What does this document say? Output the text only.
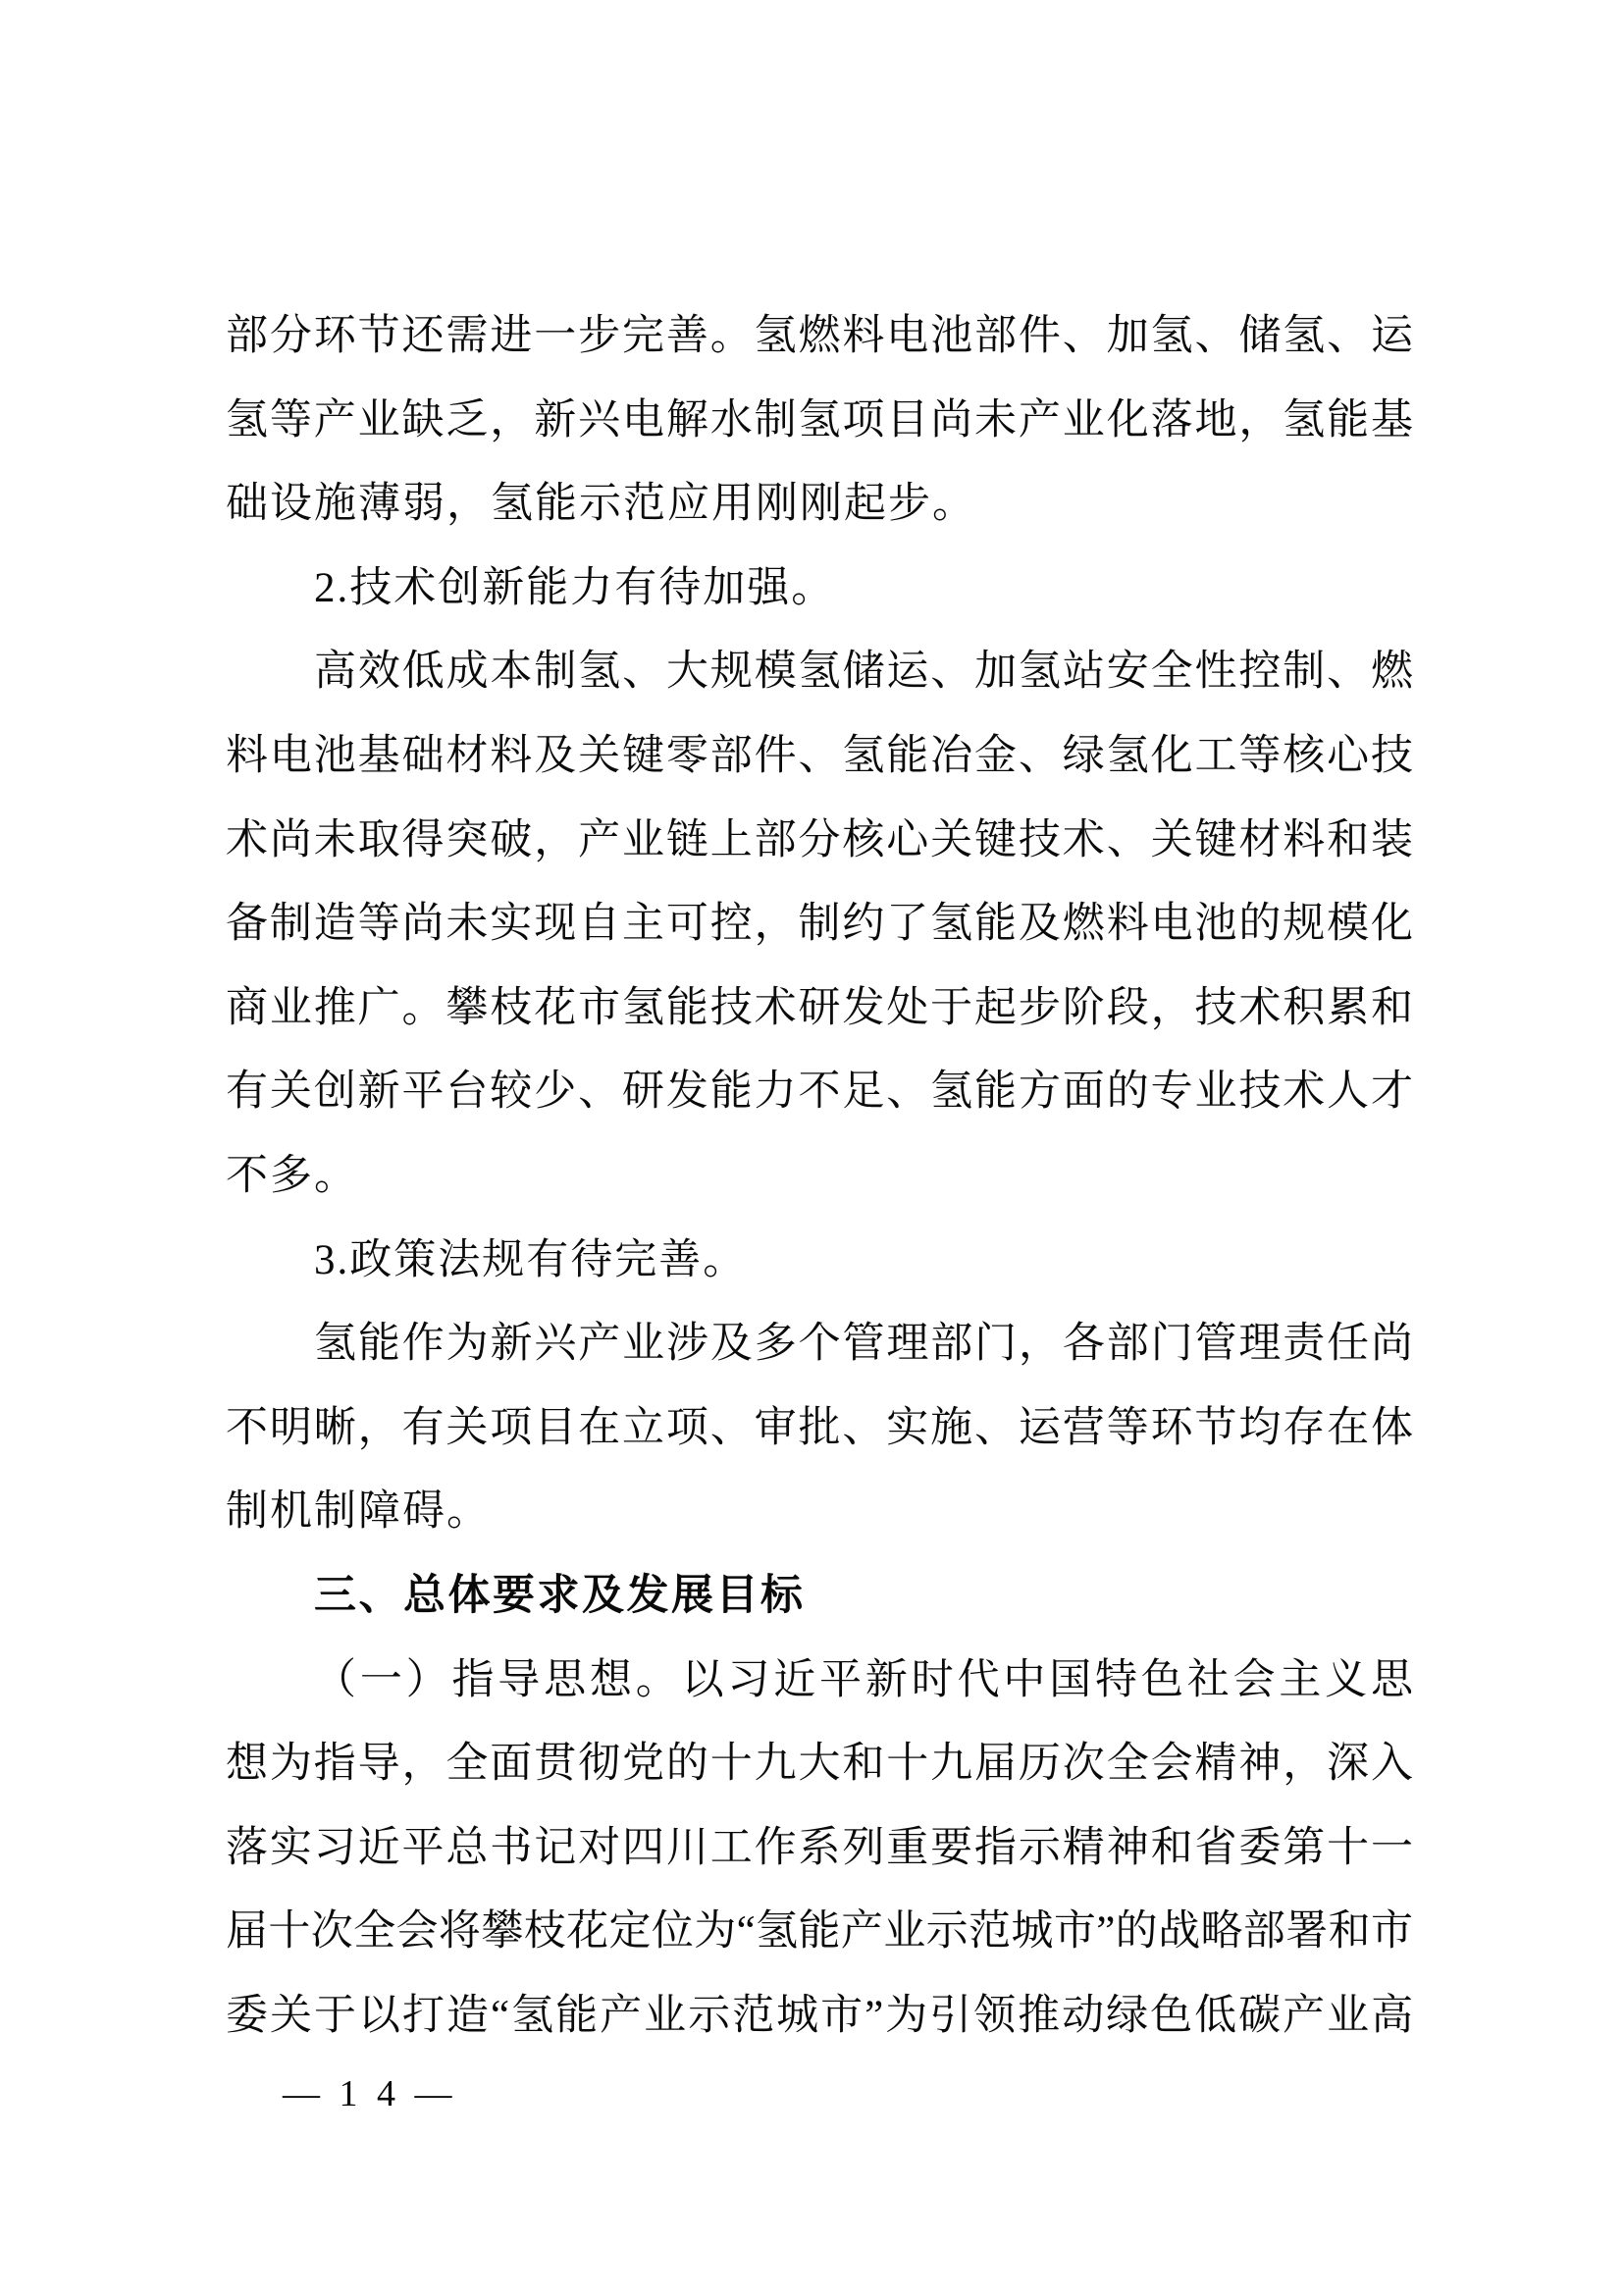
部分环节还需进一步完善。氢燃料电池部件、加氢、储氢、运
氢等产业缺乏，新兴电解水制氢项目尚未产业化落地，氢能基
础设施薄弱，氢能示范应用刚刚起步。
2.技术创新能力有待加强。
高效低成本制氢、大规模氢储运、加氢站安全性控制、燃
料电池基础材料及关键零部件、氢能冶金、绿氢化工等核心技
术尚未取得突破，产业链上部分核心关键技术、关键材料和装
备制造等尚未实现自主可控，制约了氢能及燃料电池的规模化
商业推广。攀枝花市氢能技术研发处于起步阶段，技术积累和
有关创新平台较少、研发能力不足、氢能方面的专业技术人才
不多。
3.政策法规有待完善。
氢能作为新兴产业涉及多个管理部门，各部门管理责任尚
不明晰，有关项目在立项、审批、实施、运营等环节均存在体
制机制障碍。
三、总体要求及发展目标
（一）指导思想。以习近平新时代中国特色社会主义思
想为指导，全面贯彻党的十九大和十九届历次全会精神，深入
落实习近平总书记对四川工作系列重要指示精神和省委第十一
届十次全会将攀枝花定位为“氢能产业示范城市”的战略部署和市
委关于以打造“氢能产业示范城市”为引领推动绿色低碳产业高
— 1 4 —
